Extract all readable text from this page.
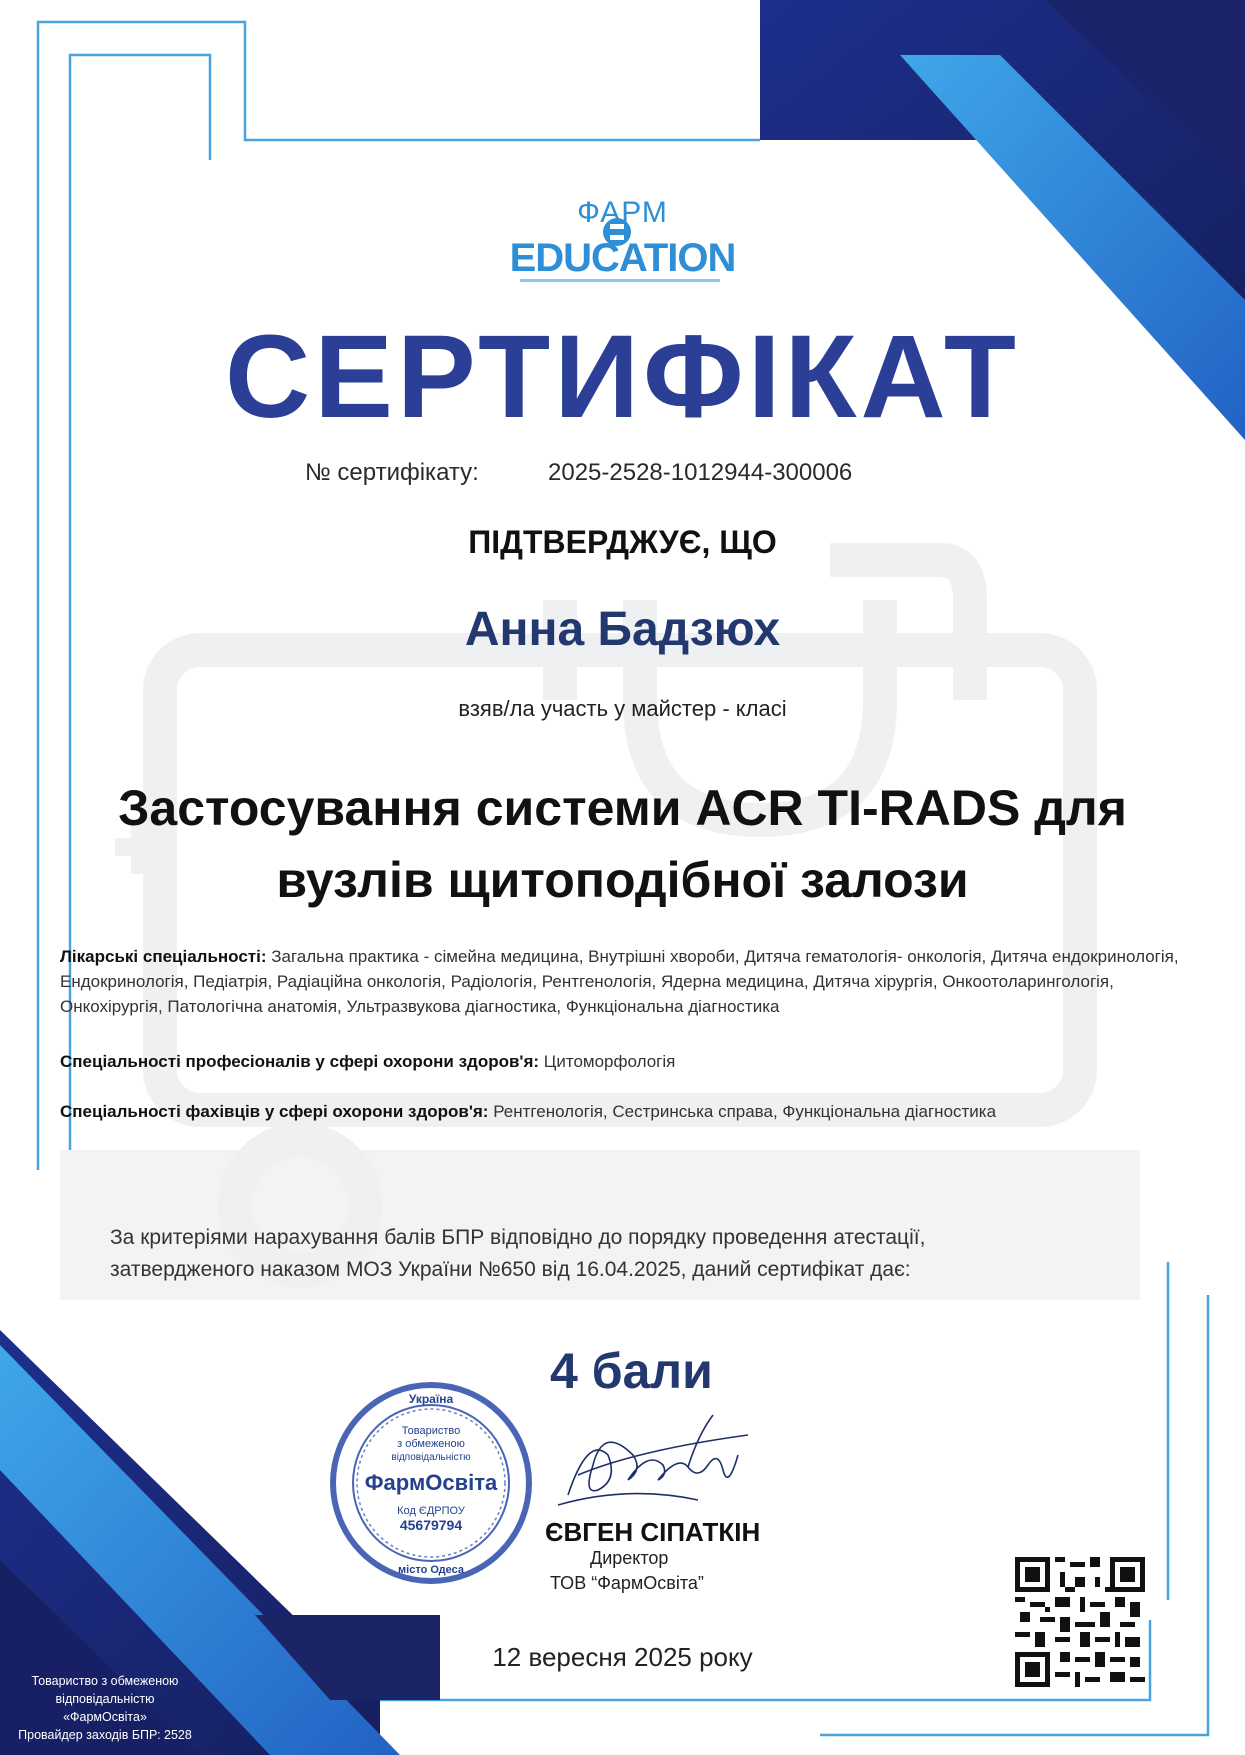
ФАРМ
EDUCATION
СЕРТИФІКАТ
№ сертифікату:	2025-2528-1012944-300006
ПІДТВЕРДЖУЄ, ЩО
Анна Бадзюх
взяв/ла участь у майстер - класі
Застосування системи ACR TI-RADS для
вузлів щитоподібної залози
Лікарські спеціальності: Загальна практика - сімейна медицина, Внутрішні хвороби, Дитяча гематологія- онкологія, Дитяча ендокринологія, Ендокринологія, Педіатрія, Радіаційна онкологія, Радіологія, Рентгенологія, Ядерна медицина, Дитяча хірургія, Онкоотоларингологія, Онкохірургія, Патологічна анатомія, Ультразвукова діагностика, Функціональна діагностика
Спеціальності професіоналів у сфері охорони здоров'я: Цитоморфологія
Спеціальності фахівців у сфері охорони здоров'я: Рентгенологія, Сестринська справа, Функціональна діагностика
За критеріями нарахування балів БПР відповідно до порядку проведення атестації,
затвердженого наказом МОЗ України №650 від 16.04.2025, даний сертифікат дає:
4 бали
Україна
Товариство
з обмеженою
відповідальністю
ФармОсвіта
Код ЄДРПОУ
45679794
місто Одеса
ЄВГЕН СІПАТКІН
Директор
ТОВ “ФармОсвіта”
12 вересня 2025 року
Товариство з обмеженою
відповідальністю
«ФармОсвіта»
Провайдер заходів БПР: 2528
